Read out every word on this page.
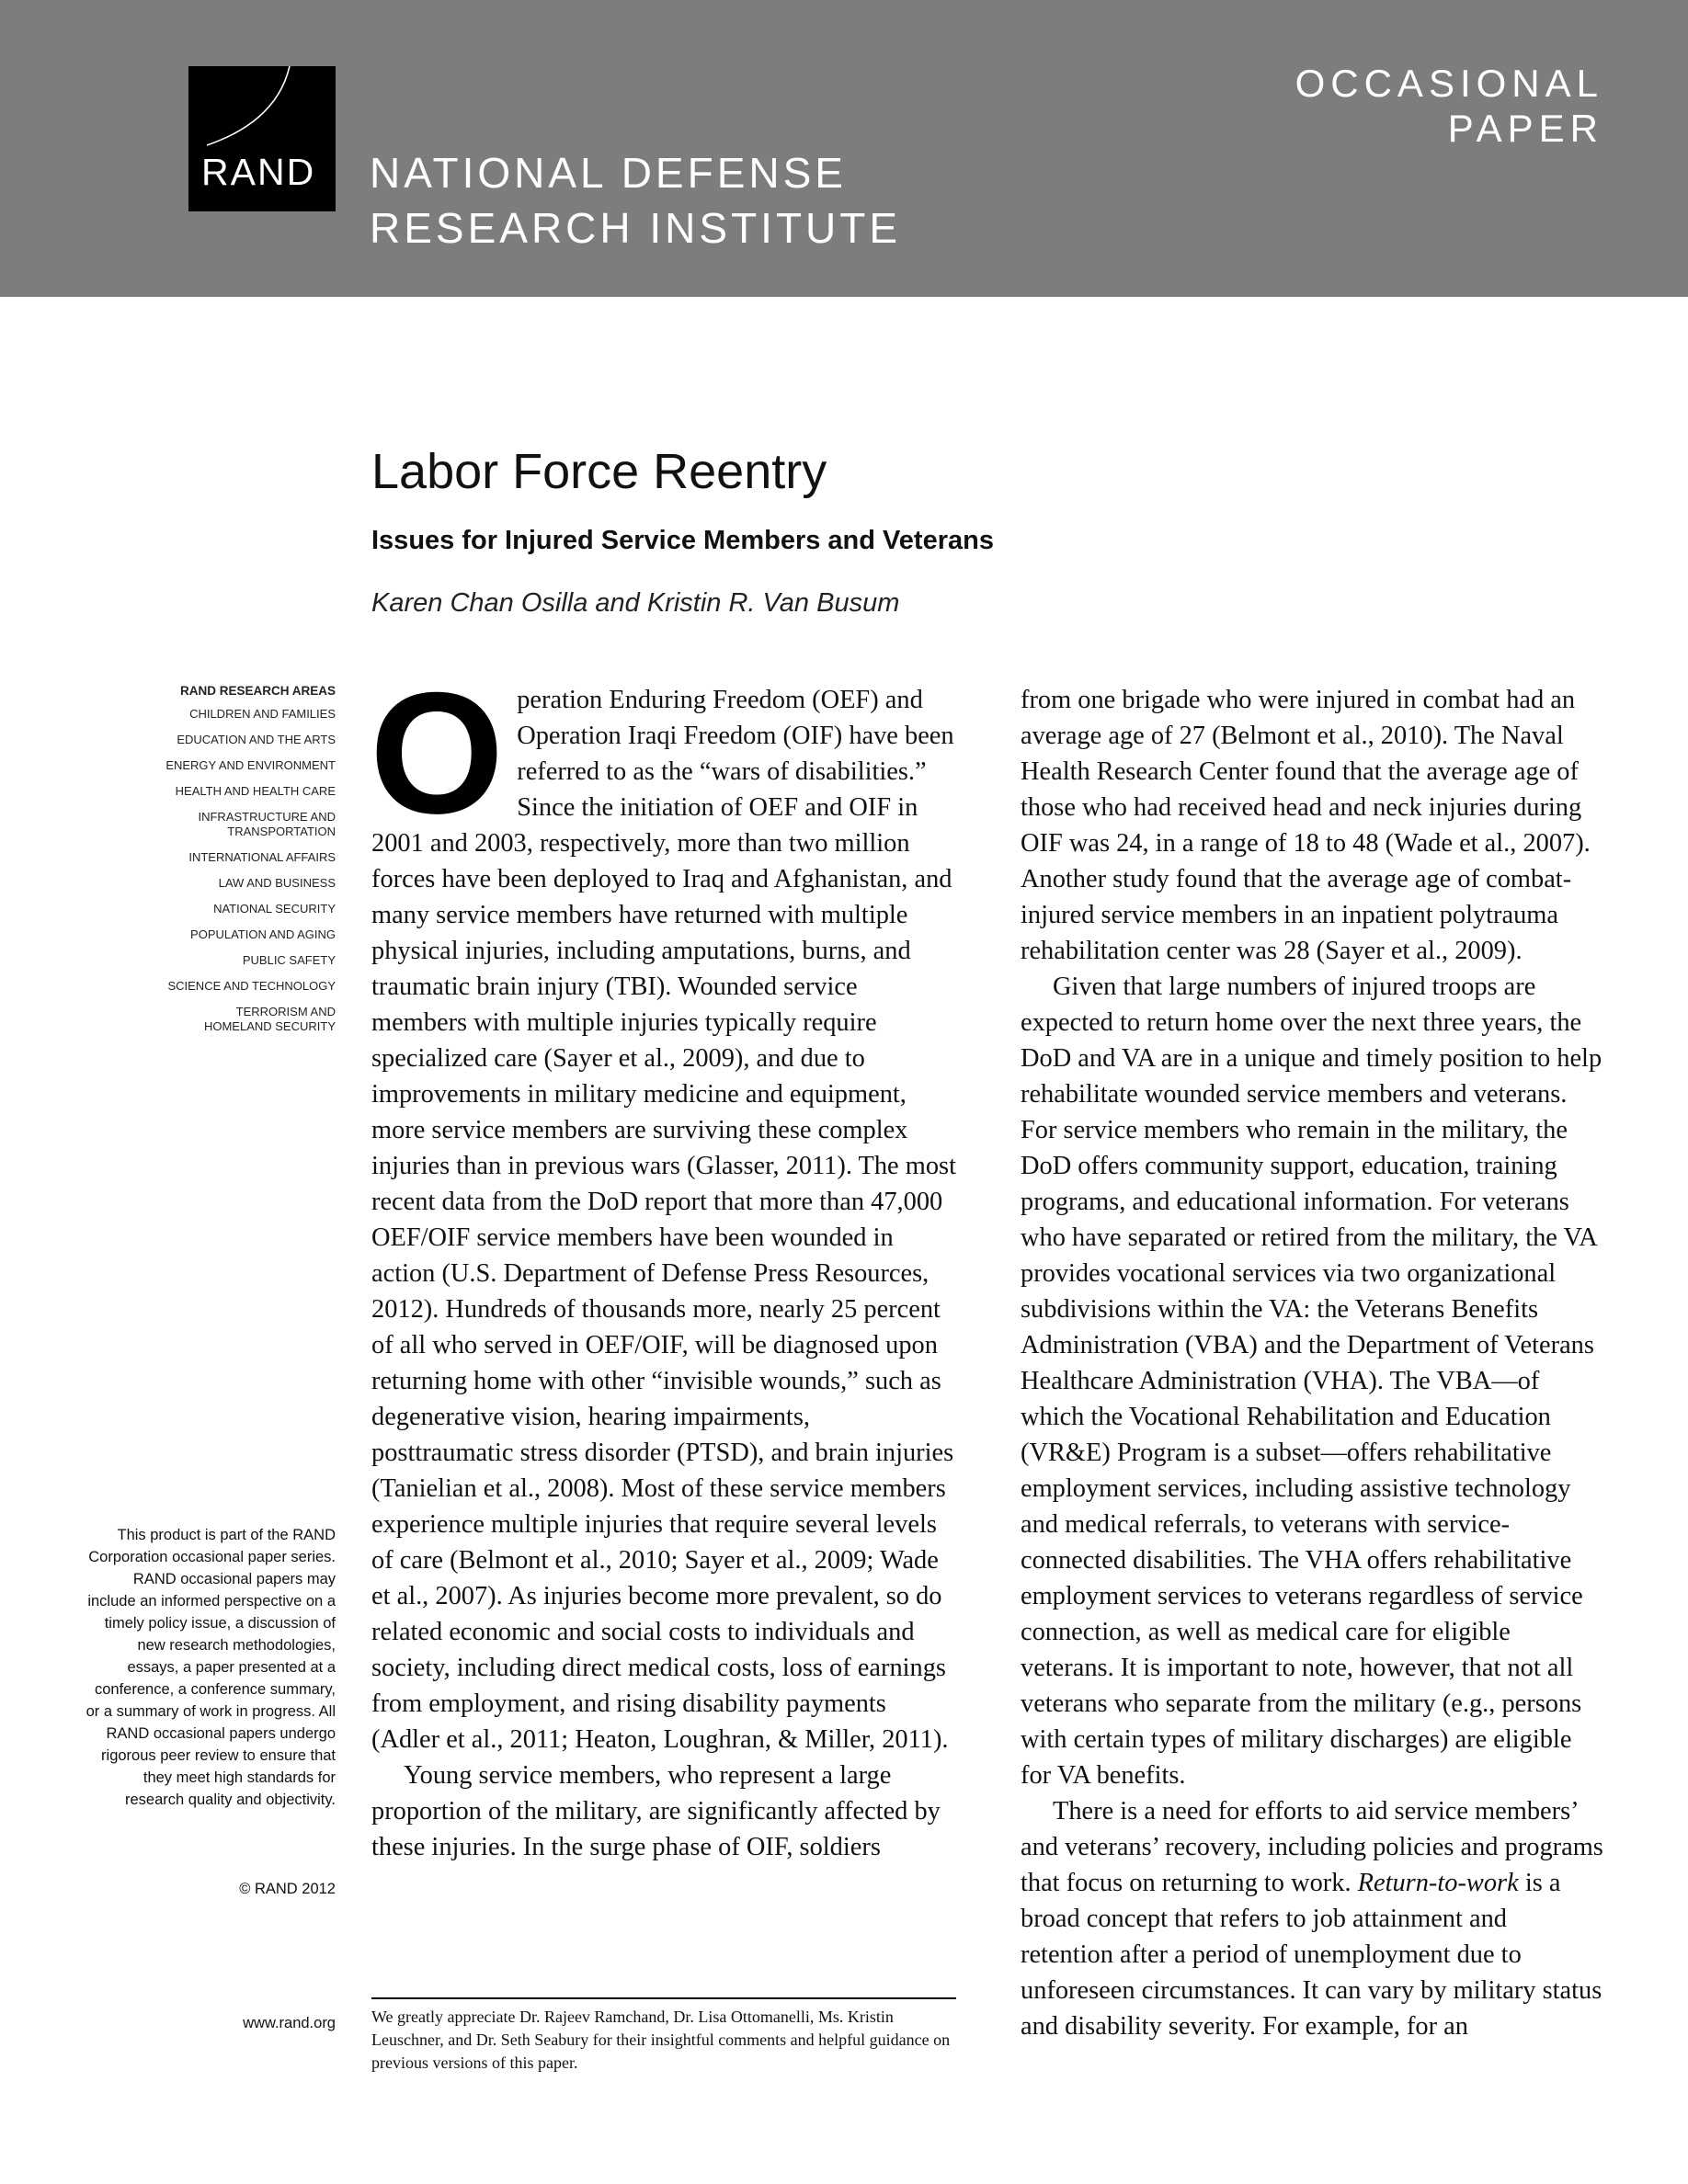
RAND NATIONAL DEFENSE
RESEARCH INSTITUTE
OCCASIONAL
PAPER
Labor Force Reentry
Issues for Injured Service Members and Veterans
Karen Chan Osilla and Kristin R. Van Busum
RAND RESEARCH AREAS
CHILDREN AND FAMILIES
EDUCATION AND THE ARTS
ENERGY AND ENVIRONMENT
HEALTH AND HEALTH CARE
INFRASTRUCTURE AND TRANSPORTATION
INTERNATIONAL AFFAIRS
LAW AND BUSINESS
NATIONAL SECURITY
POPULATION AND AGING
PUBLIC SAFETY
SCIENCE AND TECHNOLOGY
TERRORISM AND HOMELAND SECURITY
This product is part of the RAND Corporation occasional paper series. RAND occasional papers may include an informed perspective on a timely policy issue, a discussion of new research methodologies, essays, a paper presented at a conference, a conference summary, or a summary of work in progress. All RAND occasional papers undergo rigorous peer review to ensure that they meet high standards for research quality and objectivity.
© RAND 2012
www.rand.org

Operation Enduring Freedom (OEF) and Operation Iraqi Freedom (OIF) have been referred to as the “wars of disabilities.” Since the initiation of OEF and OIF in 2001 and 2003, respectively, more than two million forces have been deployed to Iraq and Afghanistan, and many service members have returned with multiple physical injuries, including amputations, burns, and traumatic brain injury (TBI). Wounded service members with multiple injuries typically require specialized care (Sayer et al., 2009), and due to improvements in military medicine and equipment, more service members are surviving these complex injuries than in previous wars (Glasser, 2011). The most recent data from the DoD report that more than 47,000 OEF/OIF service members have been wounded in action (U.S. Department of Defense Press Resources, 2012). Hundreds of thousands more, nearly 25 percent of all who served in OEF/OIF, will be diagnosed upon returning home with other “invisible wounds,” such as degenerative vision, hearing impairments, posttraumatic stress disorder (PTSD), and brain injuries (Tanielian et al., 2008). Most of these service members experience multiple injuries that require several levels of care (Belmont et al., 2010; Sayer et al., 2009; Wade et al., 2007). As injuries become more prevalent, so do related economic and social costs to individuals and society, including direct medical costs, loss of earnings from employment, and rising disability payments (Adler et al., 2011; Heaton, Loughran, & Miller, 2011).

Young service members, who represent a large proportion of the military, are significantly affected by these injuries. In the surge phase of OIF, soldiers

We greatly appreciate Dr. Rajeev Ramchand, Dr. Lisa Ottomanelli, Ms. Kristin Leuschner, and Dr. Seth Seabury for their insightful comments and helpful guidance on previous versions of this paper.

from one brigade who were injured in combat had an average age of 27 (Belmont et al., 2010). The Naval Health Research Center found that the average age of those who had received head and neck injuries during OIF was 24, in a range of 18 to 48 (Wade et al., 2007). Another study found that the average age of combat-injured service members in an inpatient polytrauma rehabilitation center was 28 (Sayer et al., 2009).

Given that large numbers of injured troops are expected to return home over the next three years, the DoD and VA are in a unique and timely position to help rehabilitate wounded service members and veterans. For service members who remain in the military, the DoD offers community support, education, training programs, and educational information. For veterans who have separated or retired from the military, the VA provides vocational services via two organizational subdivisions within the VA: the Veterans Benefits Administration (VBA) and the Department of Veterans Healthcare Administration (VHA). The VBA—of which the Vocational Rehabilitation and Education (VR&E) Program is a subset—offers rehabilitative employment services, including assistive technology and medical referrals, to veterans with service-connected disabilities. The VHA offers rehabilitative employment services to veterans regardless of service connection, as well as medical care for eligible veterans. It is important to note, however, that not all veterans who separate from the military (e.g., persons with certain types of military discharges) are eligible for VA benefits.

There is a need for efforts to aid service members’ and veterans’ recovery, including policies and programs that focus on returning to work. Return-to-work is a broad concept that refers to job attainment and retention after a period of unemployment due to unforeseen circumstances. It can vary by military status and disability severity. For example, for an
